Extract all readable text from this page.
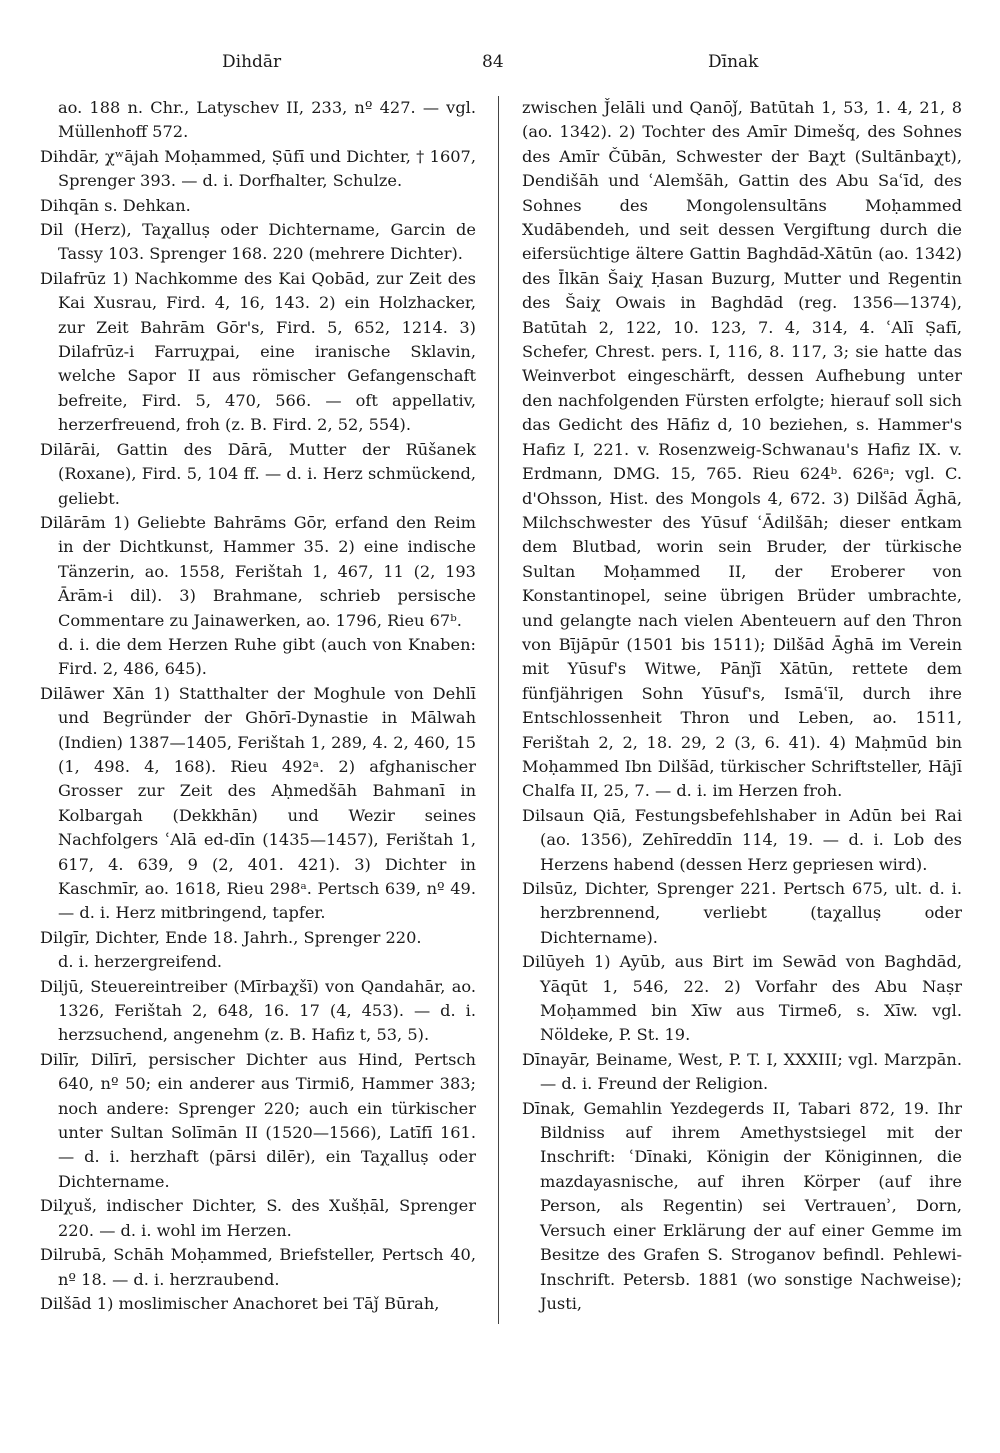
Dihdār	84	Dīnak

ao. 188 n. Chr., Latyschev II, 233, nº 427. — vgl. Müllenhoff 572.

Dihdār, χʷājah Moḥammed, Ṣūfī und Dichter, † 1607, Sprenger 393. — d. i. Dorfhalter, Schulze.

Dihqān s. Dehkan.

Dil (Herz), Taχalluṣ oder Dichtername, Garcin de Tassy 103. Sprenger 168. 220 (mehrere Dichter).

Dilafrūz 1) Nachkomme des Kai Qobād, zur Zeit des Kai Xusrau, Fird. 4, 16, 143. 2) ein Holzhacker, zur Zeit Bahrām Gōr's, Fird. 5, 652, 1214. 3) Dilafrūz-i Farruχpai, eine iranische Sklavin, welche Sapor II aus römischer Gefangenschaft befreite, Fird. 5, 470, 566. — oft appellativ, herzerfreuend, froh (z. B. Fird. 2, 52, 554).

Dilārāi, Gattin des Dārā, Mutter der Rūšanek (Roxane), Fird. 5, 104 ff. — d. i. Herz schmückend, geliebt.

Dilārām 1) Geliebte Bahrāms Gōr, erfand den Reim in der Dichtkunst, Hammer 35. 2) eine indische Tänzerin, ao. 1558, Ferištah 1, 467, 11 (2, 193 Ārām-i dil). 3) Brahmane, schrieb persische Commentare zu Jainawerken, ao. 1796, Rieu 67ᵇ.

d. i. die dem Herzen Ruhe gibt (auch von Knaben: Fird. 2, 486, 645).

Dilāwer Xān 1) Statthalter der Moghule von Dehlī und Begründer der Ghōrī-Dynastie in Mālwah (Indien) 1387—1405, Ferištah 1, 289, 4. 2, 460, 15 (1, 498. 4, 168). Rieu 492ᵃ. 2) afghanischer Grosser zur Zeit des Aḥmedšāh Bahmanī in Kolbargah (Dekkhān) und Wezir seines Nachfolgers ʿAlā ed-dīn (1435—1457), Ferištah 1, 617, 4. 639, 9 (2, 401. 421). 3) Dichter in Kaschmīr, ao. 1618, Rieu 298ᵃ. Pertsch 639, nº 49. — d. i. Herz mitbringend, tapfer.

Dilgīr, Dichter, Ende 18. Jahrh., Sprenger 220.

d. i. herzergreifend.

Diljū, Steuereintreiber (Mīrbaχšī) von Qandahār, ao. 1326, Ferištah 2, 648, 16. 17 (4, 453). — d. i. herzsuchend, angenehm (z. B. Hafiz t, 53, 5).

Dilīr, Dilīrī, persischer Dichter aus Hind, Pertsch 640, nº 50; ein anderer aus Tirmiδ, Hammer 383; noch andere: Sprenger 220; auch ein türkischer unter Sultan Solīmān II (1520—1566), Latīfī 161. — d. i. herzhaft (pārsi dilēr), ein Taχalluṣ oder Dichtername.

Dilχuš, indischer Dichter, S. des Xušḥāl, Sprenger 220. — d. i. wohl im Herzen.

Dilrubā, Schāh Moḥammed, Briefsteller, Pertsch 40, nº 18. — d. i. herzraubend.

Dilšād 1) moslimischer Anachoret bei Tāǰ Būrah,

zwischen J̌elāli und Qanōǰ, Batūtah 1, 53, 1. 4, 21, 8 (ao. 1342). 2) Tochter des Amīr Dimešq, des Sohnes des Amīr Čūbān, Schwester der Baχt (Sultānbaχt), Dendišāh und ʿAlemšāh, Gattin des Abu Saʿīd, des Sohnes des Mongolensultāns Moḥammed Xudābendeh, und seit dessen Vergiftung durch die eifersüchtige ältere Gattin Baghdād-Xātūn (ao. 1342) des Īlkān Šaiχ Ḥasan Buzurg, Mutter und Regentin des Šaiχ Owais in Baghdād (reg. 1356—1374), Batūtah 2, 122, 10. 123, 7. 4, 314, 4. ʿAlī Ṣafī, Schefer, Chrest. pers. I, 116, 8. 117, 3; sie hatte das Weinverbot eingeschärft, dessen Aufhebung unter den nachfolgenden Fürsten erfolgte; hierauf soll sich das Gedicht des Hāfiz d, 10 beziehen, s. Hammer's Hafiz I, 221. v. Rosenzweig-Schwanau's Hafiz IX. v. Erdmann, DMG. 15, 765. Rieu 624ᵇ. 626ᵃ; vgl. C. d'Ohsson, Hist. des Mongols 4, 672. 3) Dilšād Āghā, Milchschwester des Yūsuf ʿĀdilšāh; dieser entkam dem Blutbad, worin sein Bruder, der türkische Sultan Moḥammed II, der Eroberer von Konstantinopel, seine übrigen Brüder umbrachte, und gelangte nach vielen Abenteuern auf den Thron von Bījāpūr (1501 bis 1511); Dilšād Āghā im Verein mit Yūsuf's Witwe, Pānǰī Xātūn, rettete dem fünfjährigen Sohn Yūsuf's, Ismāʿīl, durch ihre Entschlossenheit Thron und Leben, ao. 1511, Ferištah 2, 2, 18. 29, 2 (3, 6. 41). 4) Maḥmūd bin Moḥammed Ibn Dilšād, türkischer Schriftsteller, Hājī Chalfa II, 25, 7. — d. i. im Herzen froh.

Dilsaun Qiā, Festungsbefehlshaber in Adūn bei Rai (ao. 1356), Zehīreddīn 114, 19. — d. i. Lob des Herzens habend (dessen Herz gepriesen wird).

Dilsūz, Dichter, Sprenger 221. Pertsch 675, ult. d. i. herzbrennend, verliebt (taχalluṣ oder Dichtername).

Dilūyeh 1) Ayūb, aus Birt im Sewād von Baghdād, Yāqūt 1, 546, 22. 2) Vorfahr des Abu Naṣr Moḥammed bin Xīw aus Tirmeδ, s. Xīw. vgl. Nöldeke, P. St. 19.

Dīnayār, Beiname, West, P. T. I, XXXIII; vgl. Marzpān. — d. i. Freund der Religion.

Dīnak, Gemahlin Yezdegerds II, Tabari 872, 19. Ihr Bildniss auf ihrem Amethystsiegel mit der Inschrift: ʿDīnaki, Königin der Königinnen, die mazdayasnische, auf ihren Körper (auf ihre Person, als Regentin) sei Vertrauenʾ, Dorn, Versuch einer Erklärung der auf einer Gemme im Besitze des Grafen S. Stroganov befindl. Pehlewi-Inschrift. Petersb. 1881 (wo sonstige Nachweise); Justi,
